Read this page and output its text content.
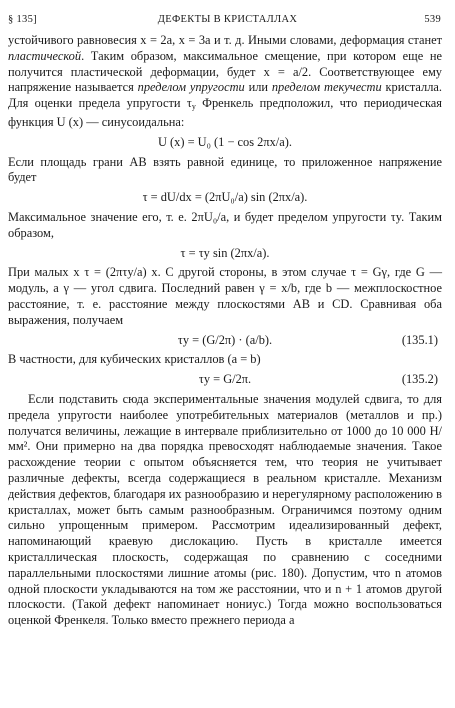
§ 135]	ДЕФЕКТЫ В КРИСТАЛЛАХ	539

устойчивого равновесия x = 2a, x = 3a и т. д. Иными словами, деформация станет пластической. Таким образом, максимальное смещение, при котором еще не получится пластической деформации, будет x = a/2. Соответствующее ему напряжение называется пределом упругости или пределом текучести кристалла. Для оценки предела упругости $\tau_y$ Френкель предположил, что периодическая функция U (x) — синусоидальна:

U (x) = U₀ (1 − cos 2πx/a).

Если площадь грани AB взять равной единице, то приложенное напряжение будет

τ = dU/dx = (2πU₀/a) sin (2πx/a).

Максимальное значение его, т. е. 2πU₀/a, и будет пределом упругости τy. Таким образом,

τ = τy sin (2πx/a).

При малых x τ = (2πτy/a) x. С другой стороны, в этом случае τ = Gγ, где G — модуль, а γ — угол сдвига. Последний равен γ = x/b, где b — межплоскостное расстояние, т. е. расстояние между плоскостями AB и CD. Сравнивая оба выражения, получаем

τy = (G/2π) · (a/b).	(135.1)

В частности, для кубических кристаллов (a = b)

τy = G/2π.	(135.2)

Если подставить сюда экспериментальные значения модулей сдвига, то для предела упругости наиболее употребительных материалов (металлов и пр.) получатся величины, лежащие в интервале приблизительно от 1000 до 10 000 Н/мм². Они примерно на два порядка превосходят наблюдаемые значения. Такое расхождение теории с опытом объясняется тем, что теория не учитывает различные дефекты, всегда содержащиеся в реальном кристалле. Механизм действия дефектов, благодаря их разнообразию и нерегулярному расположению в кристаллах, может быть самым разнообразным. Ограничимся поэтому одним сильно упрощенным примером. Рассмотрим идеализированный дефект, напоминающий краевую дислокацию. Пусть в кристалле имеется кристаллическая плоскость, содержащая по сравнению с соседними параллельными плоскостями лишние атомы (рис. 180). Допустим, что n атомов одной плоскости укладываются на том же расстоянии, что и n + 1 атомов другой плоскости. (Такой дефект напоминает нониус.) Тогда можно воспользоваться оценкой Френкеля. Только вместо прежнего периода a
